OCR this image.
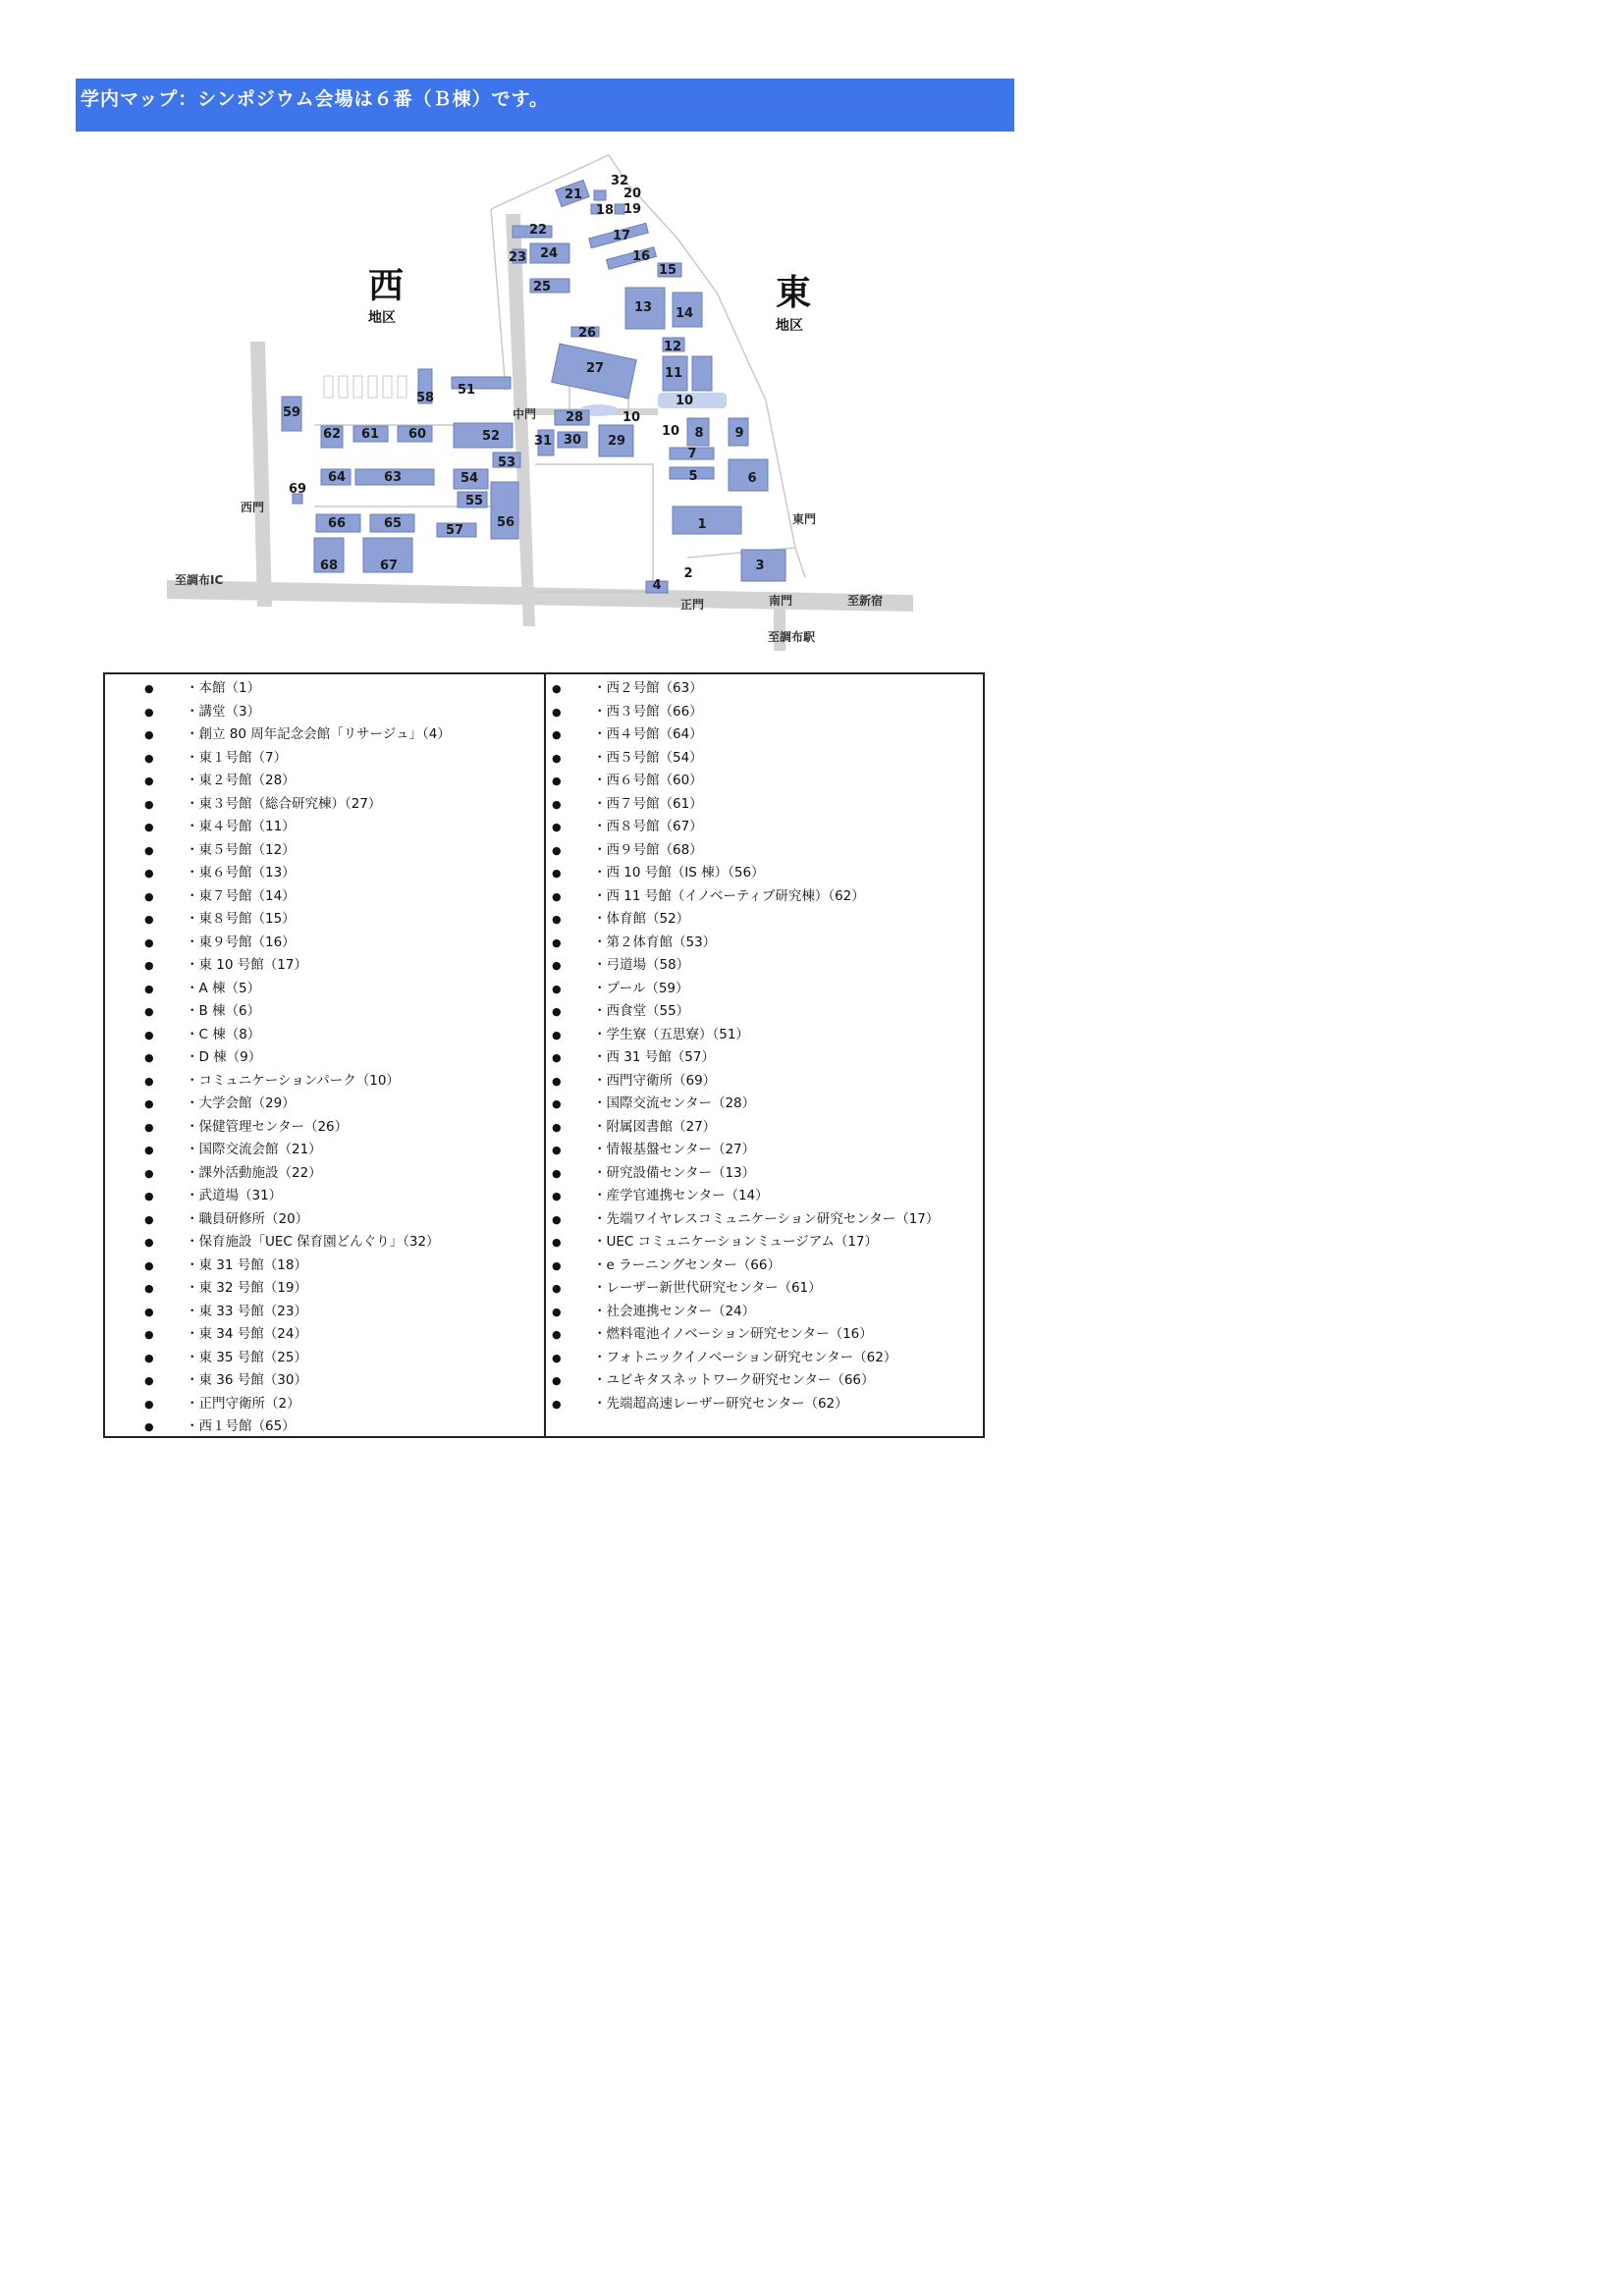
学内マップ：シンポジウム会場は６番（Ｂ棟）です。
1
2
3
4
5	6
7
8 9
10
10
10
11
12
13 14
15
16
17
18 19
20
21
22
23 24
25
26
27
28
29
30
31
32
51
52
53
54
55
56
57
58
59
60
61
62
63
64
65
66
67
68
69
西
地区
東
地区
中門
西門
東門
正門	南門
至調布IC
至新宿
至調布駅
● ・本館（1）
● ・講堂（3）
● ・創立 80 周年記念会館「リサージュ」（4）
● ・東１号館（7）
● ・東２号館（28）
● ・東３号館（総合研究棟）（27）
● ・東４号館（11）
● ・東５号館（12）
● ・東６号館（13）
● ・東７号館（14）
● ・東８号館（15）
● ・東９号館（16）
● ・東 10 号館（17）
● ・A 棟（5）
● ・B 棟（6）
● ・C 棟（8）
● ・D 棟（9）
● ・コミュニケーションパーク（10）
● ・大学会館（29）
● ・保健管理センター（26）
● ・国際交流会館（21）
● ・課外活動施設（22）
● ・武道場（31）
● ・職員研修所（20）
● ・保育施設「UEC 保育園どんぐり」（32）
● ・東 31 号館（18）
● ・東 32 号館（19）
● ・東 33 号館（23）
● ・東 34 号館（24）
● ・東 35 号館（25）
● ・東 36 号館（30）
● ・正門守衛所（2）
● ・西１号館（65）
● ・西２号館（63）
● ・西３号館（66）
● ・西４号館（64）
● ・西５号館（54）
● ・西６号館（60）
● ・西７号館（61）
● ・西８号館（67）
● ・西９号館（68）
● ・西 10 号館（IS 棟）（56）
● ・西 11 号館（イノベーティブ研究棟）（62）
● ・体育館（52）
● ・第２体育館（53）
● ・弓道場（58）
● ・プール（59）
● ・西食堂（55）
● ・学生寮（五思寮）（51）
● ・西 31 号館（57）
● ・西門守衛所（69）
● ・国際交流センター（28）
● ・附属図書館（27）
● ・情報基盤センター（27）
● ・研究設備センター（13）
● ・産学官連携センター（14）
● ・先端ワイヤレスコミュニケーション研究センター（17）
● ・UEC コミュニケーションミュージアム（17）
● ・e ラーニングセンター（66）
● ・レーザー新世代研究センター（61）
● ・社会連携センター（24）
● ・燃料電池イノベーション研究センター（16）
● ・フォトニックイノベーション研究センター（62）
● ・ユビキタスネットワーク研究センター（66）
● ・先端超高速レーザー研究センター（62）
